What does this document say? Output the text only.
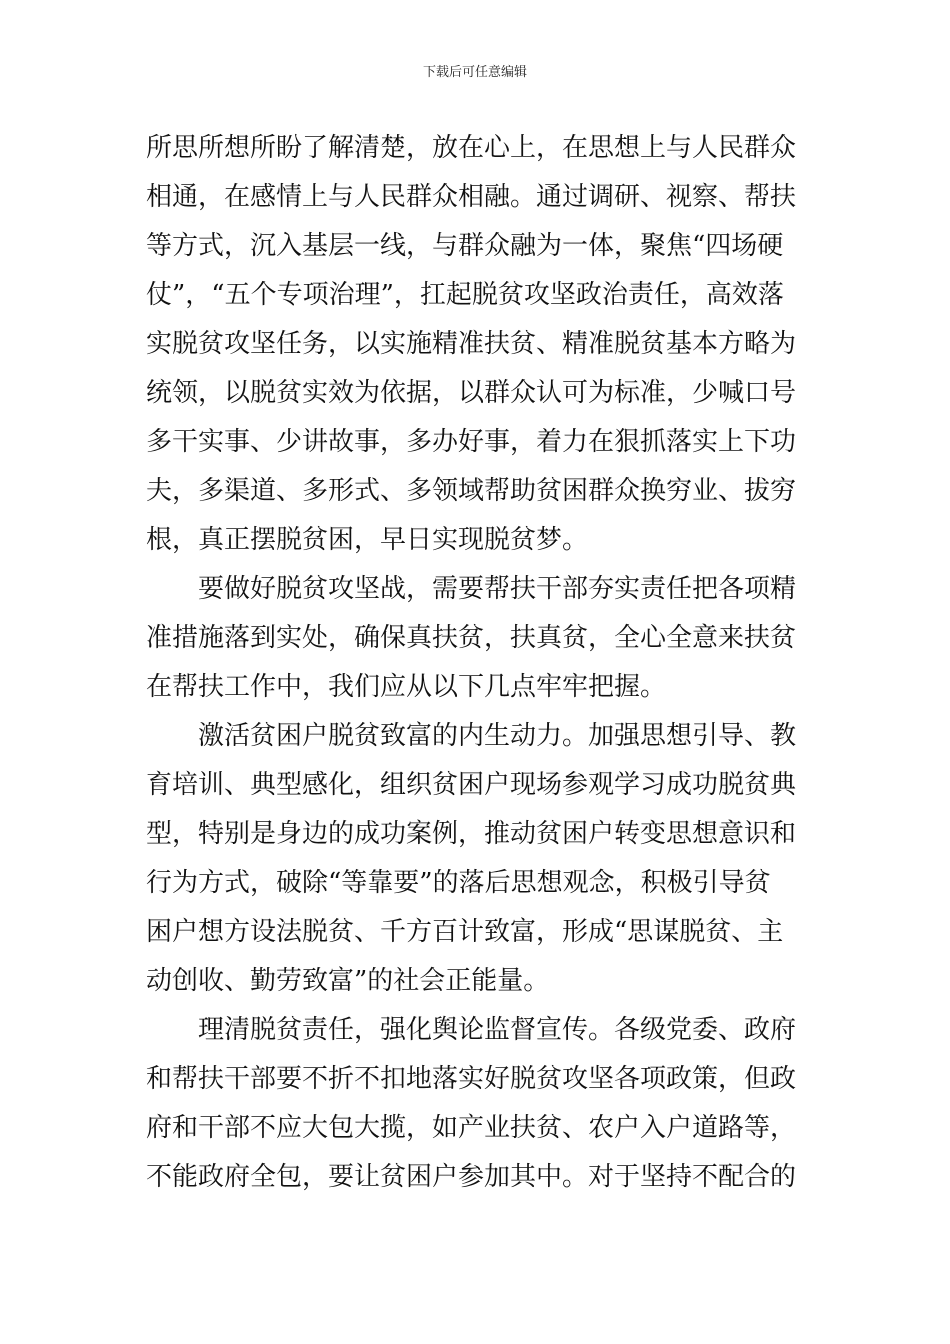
下载后可任意编辑
所思所想所盼了解清楚，放在心上，在思想上与人民群众
相通，在感情上与人民群众相融。通过调研、视察、帮扶
等方式，沉入基层一线，与群众融为一体，聚焦“四场硬
仗”，“五个专项治理”，扛起脱贫攻坚政治责任，高效落
实脱贫攻坚任务，以实施精准扶贫、精准脱贫基本方略为
统领，以脱贫实效为依据，以群众认可为标准，少喊口号
多干实事、少讲故事，多办好事，着力在狠抓落实上下功
夫，多渠道、多形式、多领域帮助贫困群众换穷业、拔穷
根，真正摆脱贫困，早日实现脱贫梦。
要做好脱贫攻坚战，需要帮扶干部夯实责任把各项精
准措施落到实处，确保真扶贫，扶真贫，全心全意来扶贫
在帮扶工作中，我们应从以下几点牢牢把握。
激活贫困户脱贫致富的内生动力。加强思想引导、教
育培训、典型感化，组织贫困户现场参观学习成功脱贫典
型，特别是身边的成功案例，推动贫困户转变思想意识和
行为方式，破除“等靠要”的落后思想观念，积极引导贫
困户想方设法脱贫、千方百计致富，形成“思谋脱贫、主
动创收、勤劳致富”的社会正能量。
理清脱贫责任，强化舆论监督宣传。各级党委、政府
和帮扶干部要不折不扣地落实好脱贫攻坚各项政策，但政
府和干部不应大包大揽，如产业扶贫、农户入户道路等，
不能政府全包，要让贫困户参加其中。对于坚持不配合的
